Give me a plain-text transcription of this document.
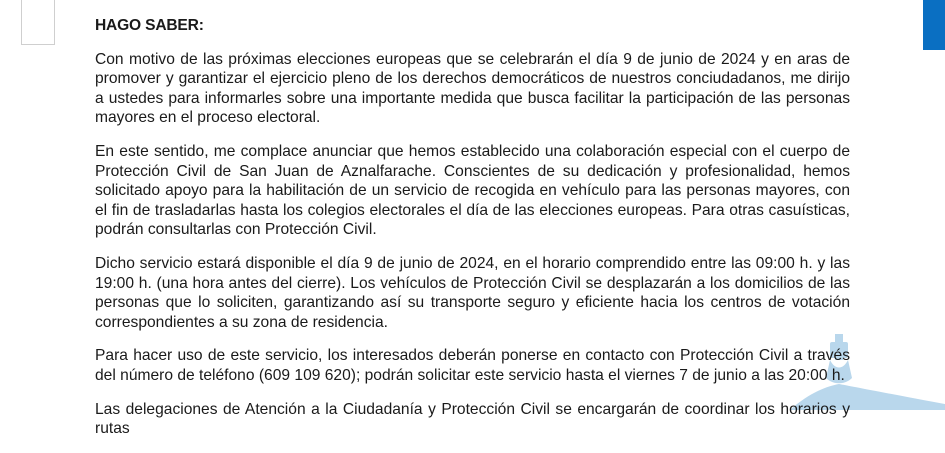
HAGO SABER:

Con motivo de las próximas elecciones europeas que se celebrarán el día 9 de junio de 2024 y en aras de promover y garantizar el ejercicio pleno de los derechos democráticos de nuestros conciudadanos, me dirijo a ustedes para informarles sobre una importante medida que busca facilitar la participación de las personas mayores en el proceso electoral.

En este sentido, me complace anunciar que hemos establecido una colaboración especial con el cuerpo de Protección Civil de San Juan de Aznalfarache. Conscientes de su dedicación y profesionalidad, hemos solicitado apoyo para la habilitación de un servicio de recogida en vehículo para las personas mayores, con el fin de trasladarlas hasta los colegios electorales el día de las elecciones europeas. Para otras casuísticas, podrán consultarlas con Protección Civil.

Dicho servicio estará disponible el día 9 de junio de 2024, en el horario comprendido entre las 09:00 h. y las 19:00 h. (una hora antes del cierre). Los vehículos de Protección Civil se desplazarán a los domicilios de las personas que lo soliciten, garantizando así su transporte seguro y eficiente hacia los centros de votación correspondientes a su zona de residencia.

Para hacer uso de este servicio, los interesados deberán ponerse en contacto con Protección Civil a través del número de teléfono (609 109 620); podrán solicitar este servicio hasta el viernes 7 de junio a las 20:00 h.

Las delegaciones de Atención a la Ciudadanía y Protección Civil se encargarán de coordinar los horarios y rutas
